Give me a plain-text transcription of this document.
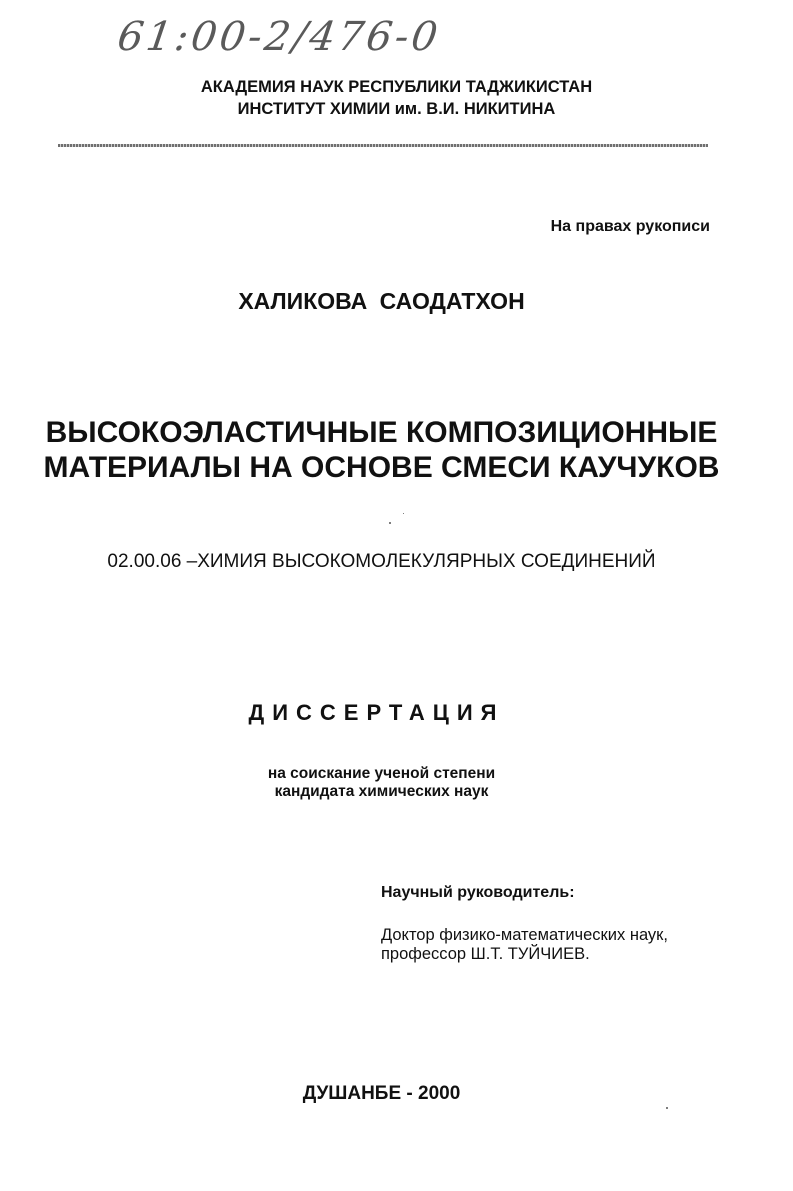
61:00-2/476-0
АКАДЕМИЯ НАУК РЕСПУБЛИКИ ТАДЖИКИСТАН
ИНСТИТУТ ХИМИИ им. В.И. НИКИТИНА
На правах рукописи
ХАЛИКОВА САОДАТХОН
ВЫСОКОЭЛАСТИЧНЫЕ КОМПОЗИЦИОННЫЕ
МАТЕРИАЛЫ НА ОСНОВЕ СМЕСИ КАУЧУКОВ
02.00.06 –ХИМИЯ ВЫСОКОМОЛЕКУЛЯРНЫХ СОЕДИНЕНИЙ
ДИССЕРТАЦИЯ
на соискание ученой степени
кандидата химических наук
Научный руководитель:
Доктор физико-математических наук,
профессор Ш.Т. ТУЙЧИЕВ.
ДУШАНБЕ - 2000
